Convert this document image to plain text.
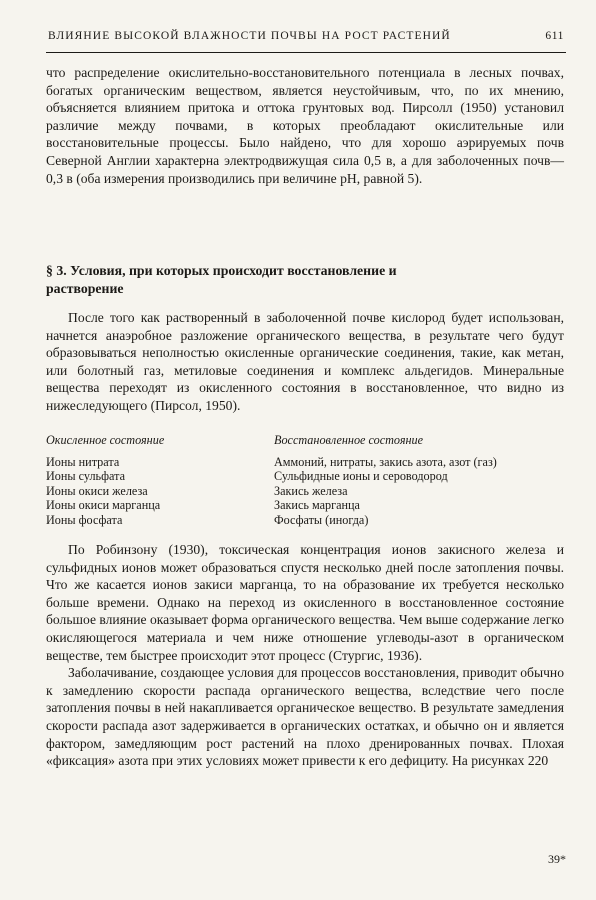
ВЛИЯНИЕ ВЫСОКОЙ ВЛАЖНОСТИ ПОЧВЫ НА РОСТ РАСТЕНИЙ	611

что распределение окислительно-восстановительного потенциала в лесных почвах, богатых органическим веществом, является неустойчивым, что, по их мнению, объясняется влиянием притока и оттока грунтовых вод. Пирсолл (1950) установил различие между почвами, в которых преобладают окислительные или восстановительные процессы. Было найдено, что для хорошо аэрируемых почв Северной Англии характерна электродвижущая сила 0,5 в, а для заболоченных почв—0,3 в (оба измерения производились при величине pH, равной 5).

§ 3. Условия, при которых происходит восстановление и растворение

После того как растворенный в заболоченной почве кислород будет использован, начнется анаэробное разложение органического вещества, в результате чего будут образовываться неполностью окисленные органические соединения, такие, как метан, или болотный газ, метиловые соединения и комплекс альдегидов. Минеральные вещества переходят из окисленного состояния в восстановленное, что видно из нижеследующего (Пирсол, 1950).

Окисленное состояние	Восстановленное состояние
Ионы нитрата	Аммоний, нитраты, закись азота, азот (газ)
Ионы сульфата	Сульфидные ионы и сероводород
Ионы окиси железа	Закись железа
Ионы окиси марганца	Закись марганца
Ионы фосфата	Фосфаты (иногда)

По Робинзону (1930), токсическая концентрация ионов закисного железа и сульфидных ионов может образоваться спустя несколько дней после затопления почвы. Что же касается ионов закиси марганца, то на образование их требуется несколько больше времени. Однако на переход из окисленного в восстановленное состояние большое влияние оказывает форма органического вещества. Чем выше содержание легко окисляющегося материала и чем ниже отношение углеводы-азот в органическом веществе, тем быстрее происходит этот процесс (Стургис, 1936).

Заболачивание, создающее условия для процессов восстановления, приводит обычно к замедлению скорости распада органического вещества, вследствие чего после затопления почвы в ней накапливается органическое вещество. В результате замедления скорости распада азот задерживается в органических остатках, и обычно он и является фактором, замедляющим рост растений на плохо дренированных почвах. Плохая «фиксация» азота при этих условиях может привести к его дефициту. На рисунках 220

39*
